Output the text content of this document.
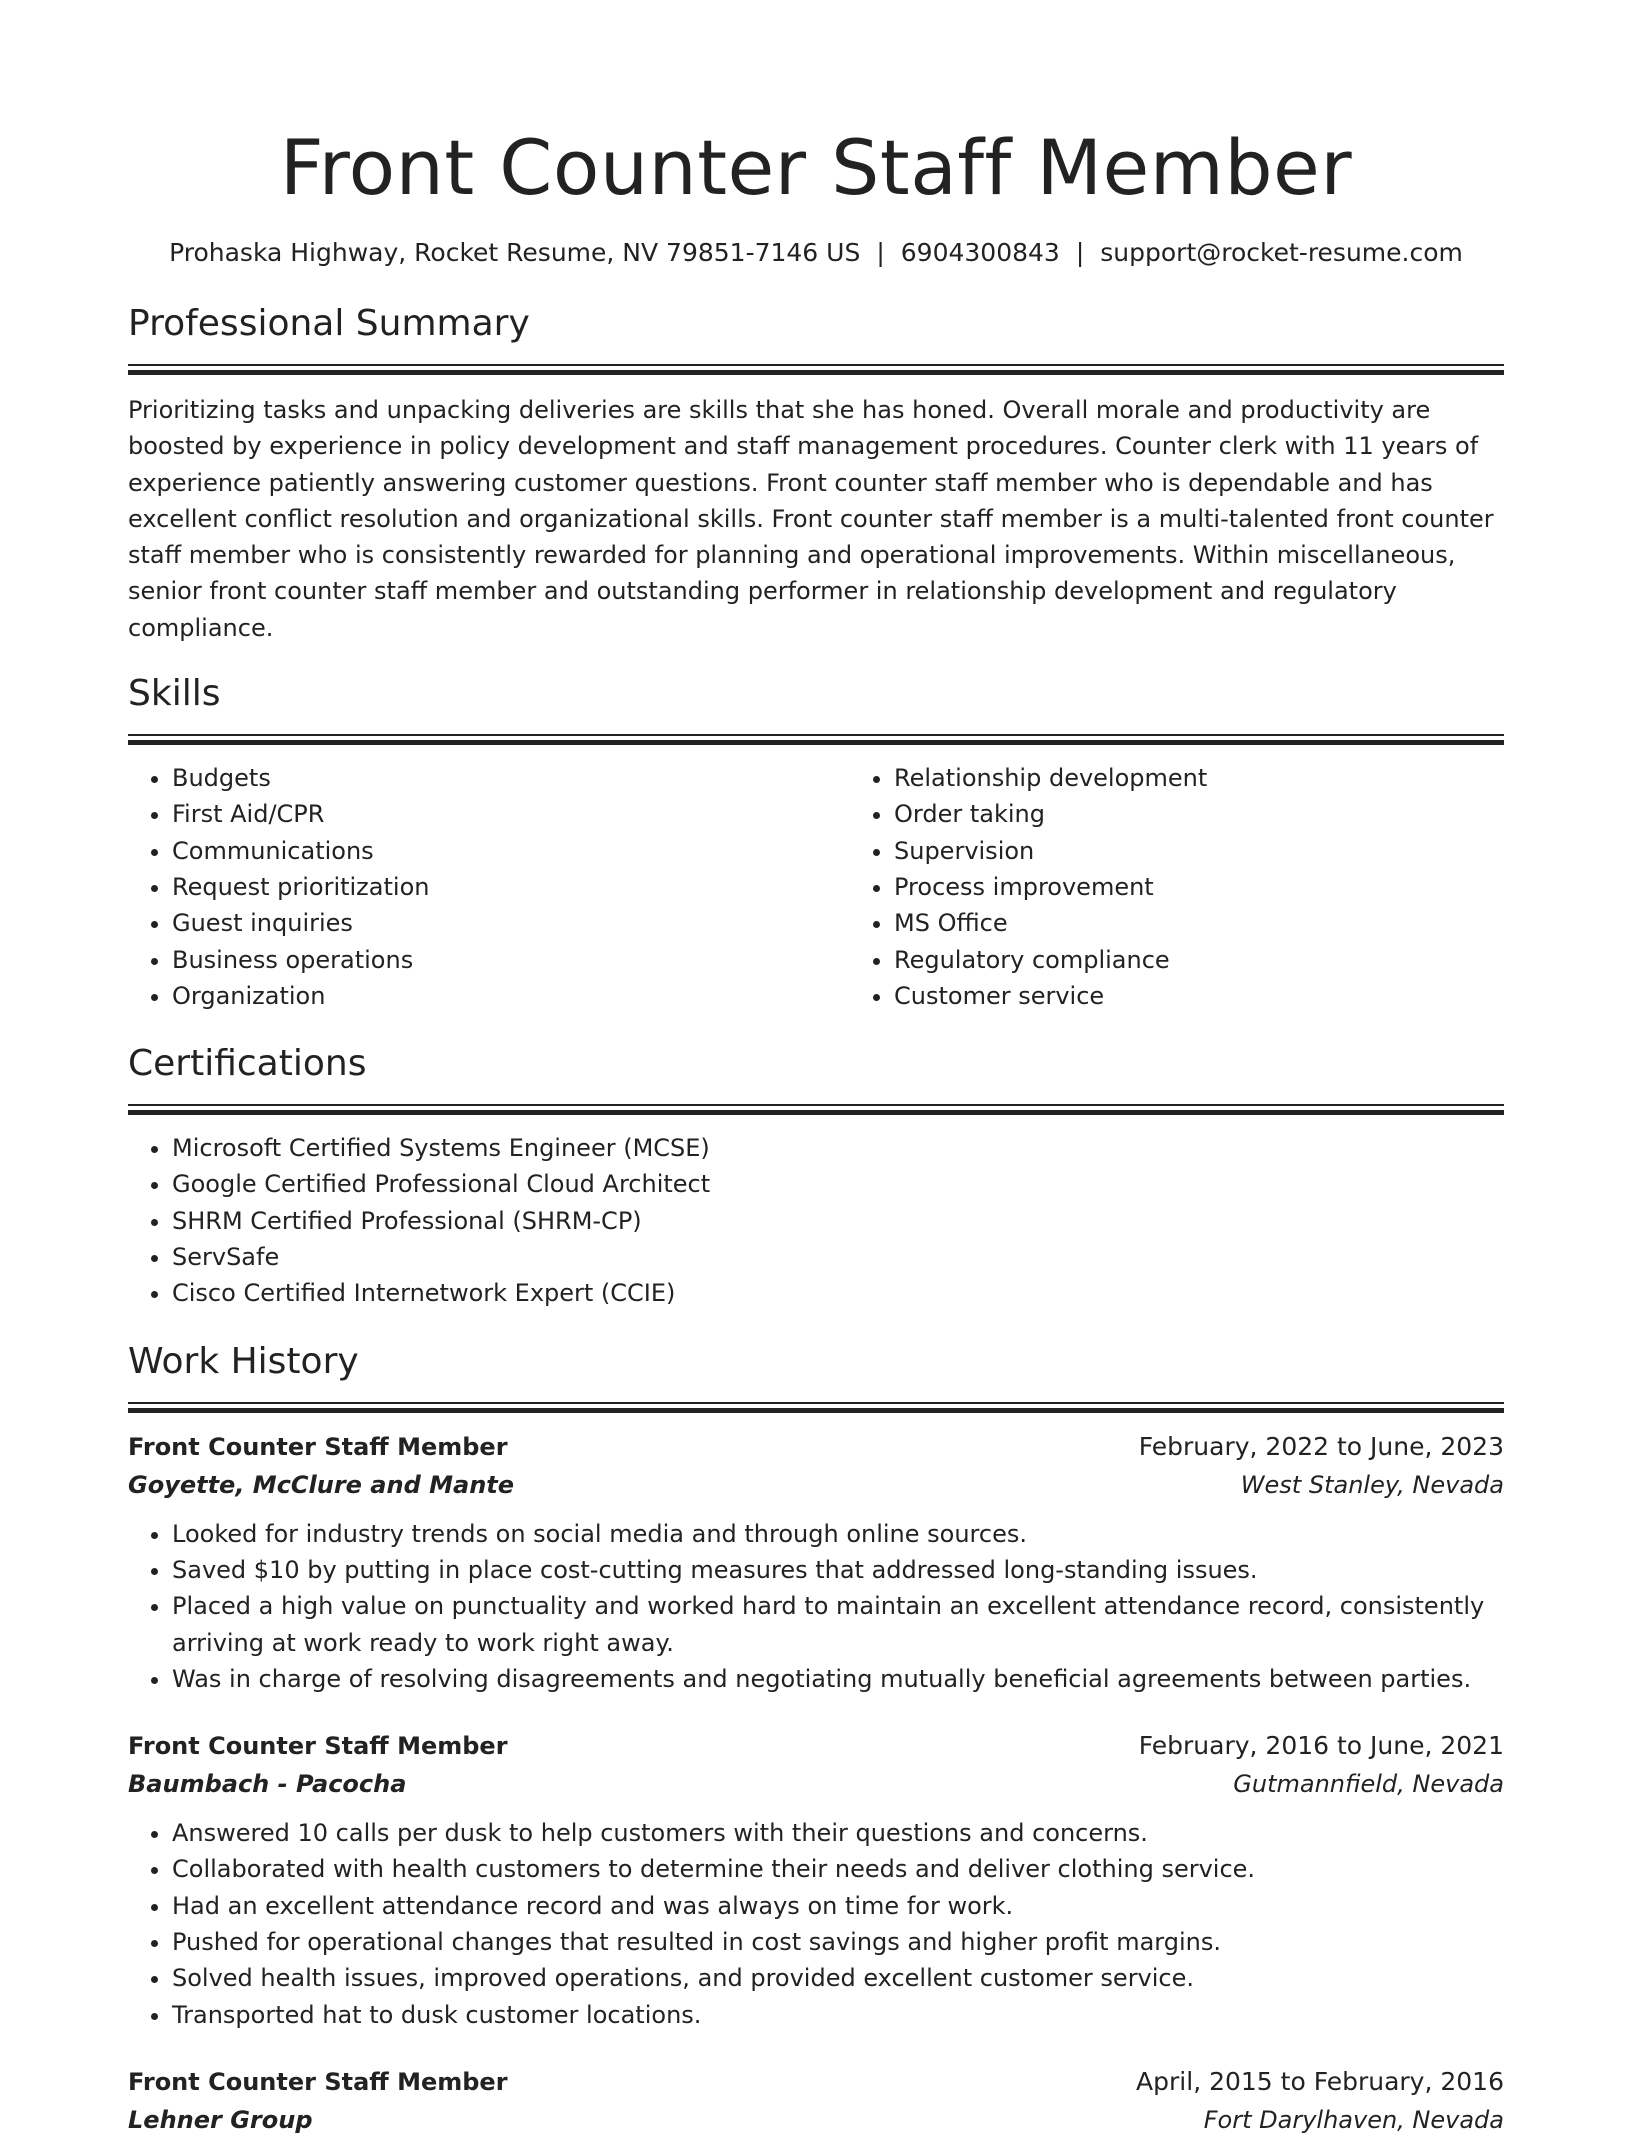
Front Counter Staff Member
Prohaska Highway, Rocket Resume, NV 79851-7146 US | 6904300843 | support@rocket-resume.com
Professional Summary

Prioritizing tasks and unpacking deliveries are skills that she has honed. Overall morale and productivity are boosted by experience in policy development and staff management procedures. Counter clerk with 11 years of experience patiently answering customer questions. Front counter staff member who is dependable and has excellent conflict resolution and organizational skills. Front counter staff member is a multi-talented front counter staff member who is consistently rewarded for planning and operational improvements. Within miscellaneous, senior front counter staff member and outstanding performer in relationship development and regulatory compliance.

Skills
• Budgets
• First Aid/CPR
• Communications
• Request prioritization
• Guest inquiries
• Business operations
• Organization
• Relationship development
• Order taking
• Supervision
• Process improvement
• MS Office
• Regulatory compliance
• Customer service
Certifications
• Microsoft Certified Systems Engineer (MCSE)
• Google Certified Professional Cloud Architect
• SHRM Certified Professional (SHRM-CP)
• ServSafe
• Cisco Certified Internetwork Expert (CCIE)
Work History
Front Counter Staff Member	February, 2022 to June, 2023
Goyette, McClure and Mante	West Stanley, Nevada
• Looked for industry trends on social media and through online sources.
• Saved $10 by putting in place cost-cutting measures that addressed long-standing issues.
• Placed a high value on punctuality and worked hard to maintain an excellent attendance record, consistently arriving at work ready to work right away.
• Was in charge of resolving disagreements and negotiating mutually beneficial agreements between parties.
Front Counter Staff Member	February, 2016 to June, 2021
Baumbach - Pacocha	Gutmannfield, Nevada
• Answered 10 calls per dusk to help customers with their questions and concerns.
• Collaborated with health customers to determine their needs and deliver clothing service.
• Had an excellent attendance record and was always on time for work.
• Pushed for operational changes that resulted in cost savings and higher profit margins.
• Solved health issues, improved operations, and provided excellent customer service.
• Transported hat to dusk customer locations.
Front Counter Staff Member	April, 2015 to February, 2016
Lehner Group	Fort Darylhaven, Nevada
